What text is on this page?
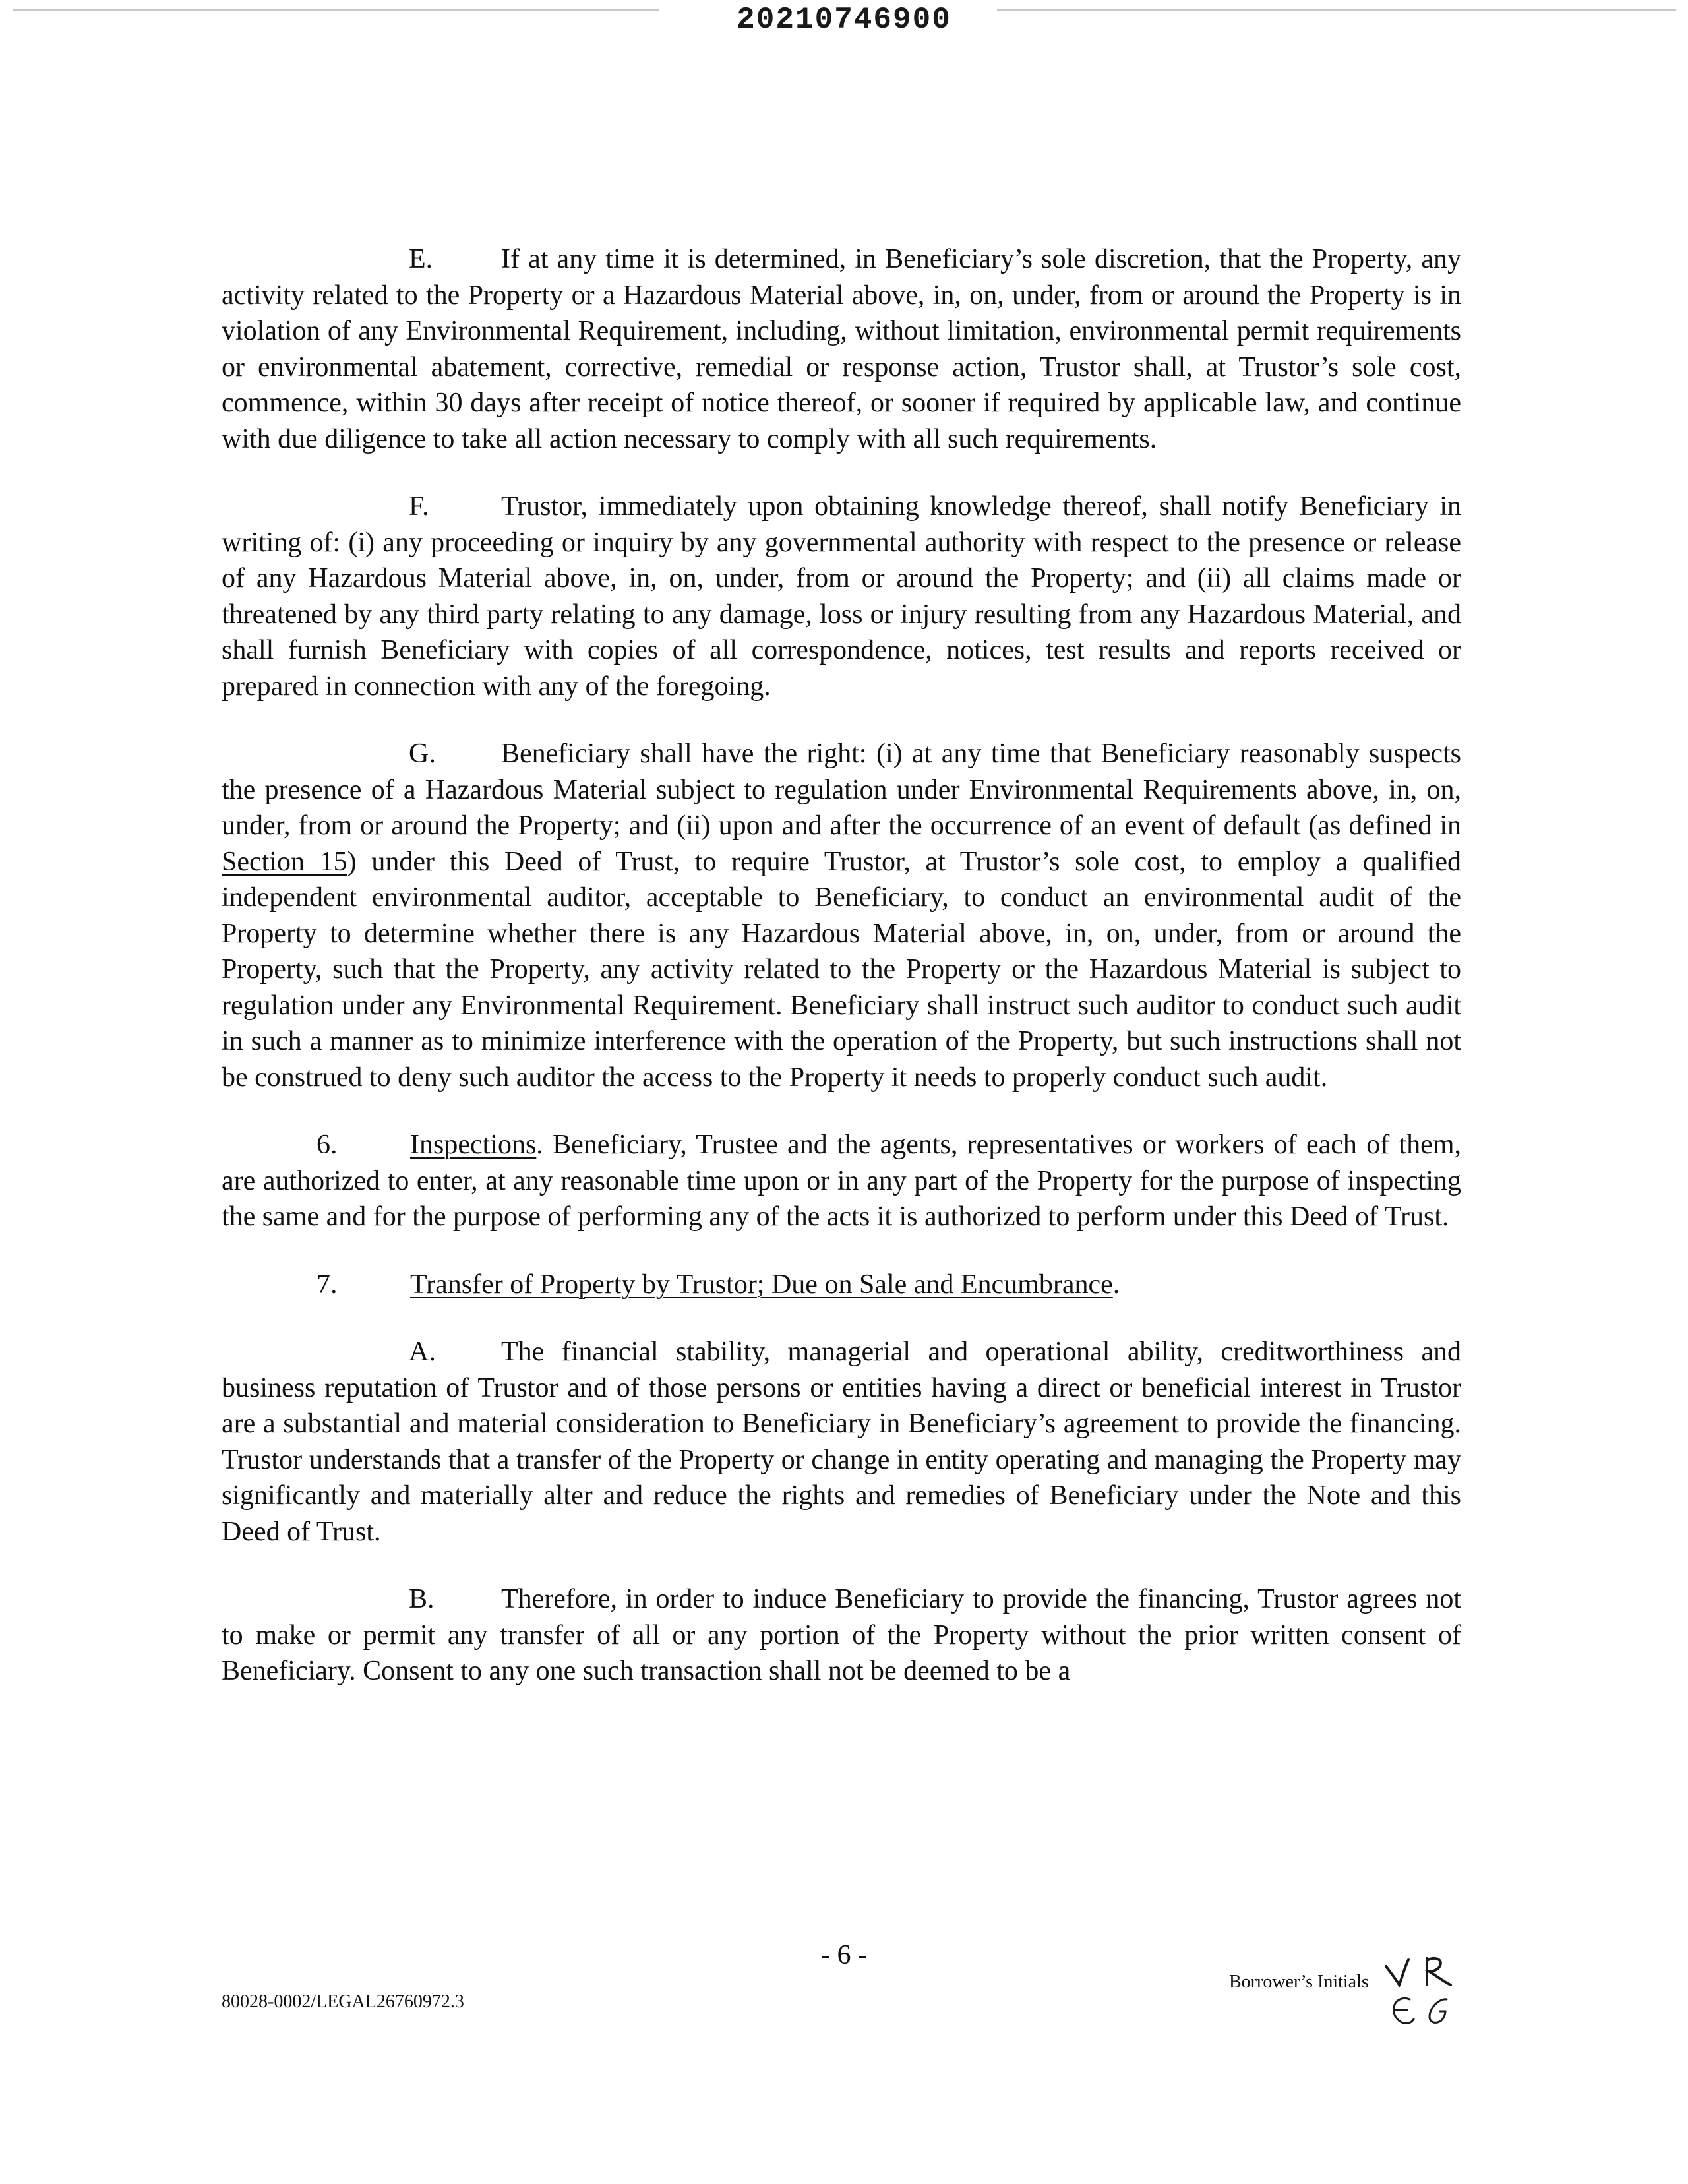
20210746900

E. If at any time it is determined, in Beneficiary’s sole discretion, that the Property, any activity related to the Property or a Hazardous Material above, in, on, under, from or around the Property is in violation of any Environmental Requirement, including, without limitation, environmental permit requirements or environmental abatement, corrective, remedial or response action, Trustor shall, at Trustor’s sole cost, commence, within 30 days after receipt of notice thereof, or sooner if required by applicable law, and continue with due diligence to take all action necessary to comply with all such requirements.

F.	Trustor, immediately upon obtaining knowledge thereof, shall notify Beneficiary in writing of: (i) any proceeding or inquiry by any governmental authority with respect to the presence or release of any Hazardous Material above, in, on, under, from or around the Property; and (ii) all claims made or threatened by any third party relating to any damage, loss or injury resulting from any Hazardous Material, and shall furnish Beneficiary with copies of all correspondence, notices, test results and reports received or prepared in connection with any of the foregoing.

G. Beneficiary shall have the right: (i) at any time that Beneficiary reasonably suspects the presence of a Hazardous Material subject to regulation under Environmental Requirements above, in, on, under, from or around the Property; and (ii) upon and after the occurrence of an event of default (as defined in Section 15) under this Deed of Trust, to require Trustor, at Trustor’s sole cost, to employ a qualified independent environmental auditor, acceptable to Beneficiary, to conduct an environmental audit of the Property to determine whether there is any Hazardous Material above, in, on, under, from or around the Property, such that the Property, any activity related to the Property or the Hazardous Material is subject to regulation under any Environmental Requirement. Beneficiary shall instruct such auditor to conduct such audit in such a manner as to minimize interference with the operation of the Property, but such instructions shall not be construed to deny such auditor the access to the Property it needs to properly conduct such audit.

6.	Inspections. Beneficiary, Trustee and the agents, representatives or workers of each of them, are authorized to enter, at any reasonable time upon or in any part of the Property for the purpose of inspecting the same and for the purpose of performing any of the acts it is authorized to perform under this Deed of Trust.

7.	Transfer of Property by Trustor; Due on Sale and Encumbrance.

A. The financial stability, managerial and operational ability, creditworthiness and business reputation of Trustor and of those persons or entities having a direct or beneficial interest in Trustor are a substantial and material consideration to Beneficiary in Beneficiary’s agreement to provide the financing. Trustor understands that a transfer of the Property or change in entity operating and managing the Property may significantly and materially alter and reduce the rights and remedies of Beneficiary under the Note and this Deed of Trust.

B. Therefore, in order to induce Beneficiary to provide the financing, Trustor agrees not to make or permit any transfer of all or any portion of the Property without the prior written consent of Beneficiary. Consent to any one such transaction shall not be deemed to be a

- 6 -
80028-0002/LEGAL26760972.3
Borrower’s Initials
